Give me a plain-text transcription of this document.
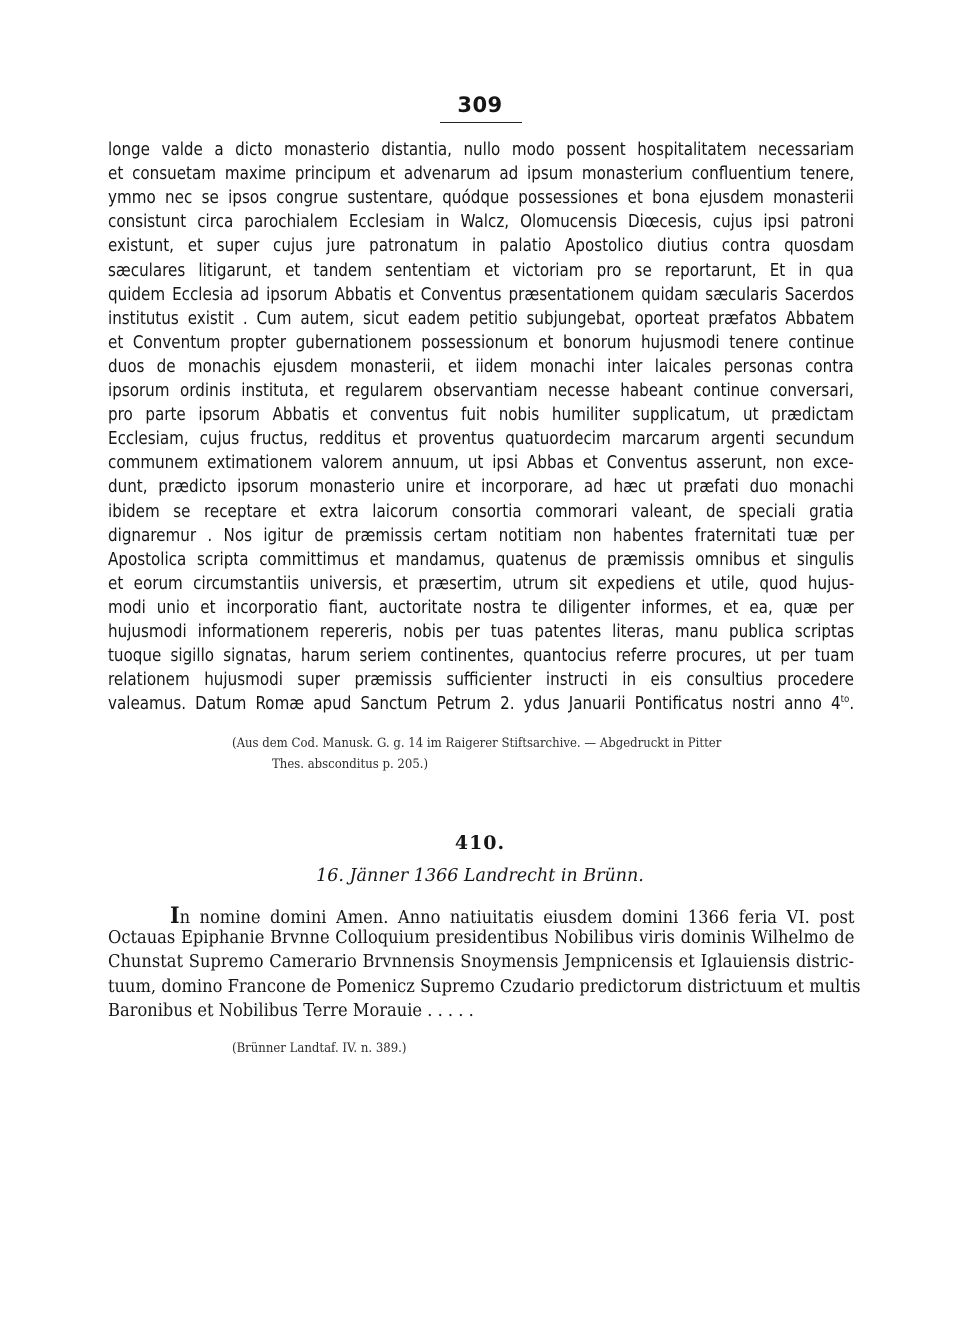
309
longe valde a dicto monasterio distantia, nullo modo possent hospitalitatem necessariam
et consuetam maxime principum et advenarum ad ipsum monasterium confluentium tenere,
ymmo nec se ipsos congrue sustentare, quódque possessiones et bona ejusdem monasterii
consistunt circa parochialem Ecclesiam in Walcz, Olomucensis Diœcesis, cujus ipsi patroni
existunt, et super cujus jure patronatum in palatio Apostolico diutius contra quosdam
sæculares litigarunt, et tandem sententiam et victoriam pro se reportarunt, Et in qua
quidem Ecclesia ad ipsorum Abbatis et Conventus præsentationem quidam sæcularis Sacerdos
institutus existit . Cum autem, sicut eadem petitio subjungebat, oporteat præfatos Abbatem
et Conventum propter gubernationem possessionum et bonorum hujusmodi tenere continue
duos de monachis ejusdem monasterii, et iidem monachi inter laicales personas contra
ipsorum ordinis instituta, et regularem observantiam necesse habeant continue conversari,
pro parte ipsorum Abbatis et conventus fuit nobis humiliter supplicatum, ut prædictam
Ecclesiam, cujus fructus, redditus et proventus quatuordecim marcarum argenti secundum
communem extimationem valorem annuum, ut ipsi Abbas et Conventus asserunt, non exce-
dunt, prædicto ipsorum monasterio unire et incorporare, ad hæc ut præfati duo monachi
ibidem se receptare et extra laicorum consortia commorari valeant, de speciali gratia
dignaremur . Nos igitur de præmissis certam notitiam non habentes fraternitati tuæ per
Apostolica scripta committimus et mandamus, quatenus de præmissis omnibus et singulis
et eorum circumstantiis universis, et præsertim, utrum sit expediens et utile, quod hujus-
modi unio et incorporatio fiant, auctoritate nostra te diligenter informes, et ea, quæ per
hujusmodi informationem repereris, nobis per tuas patentes literas, manu publica scriptas
tuoque sigillo signatas, harum seriem continentes, quantocius referre procures, ut per tuam
relationem hujusmodi super præmissis sufficienter instructi in eis consultius procedere
valeamus. Datum Romæ apud Sanctum Petrum 2. ydus Januarii Pontificatus nostri anno $4^{to}$.
(Aus dem Cod. Manusk. G. g. 14 im Raigerer Stiftsarchive. — Abgedruckt in Pitter
Thes. absconditus p. 205.)
410.
16. Jänner 1366 Landrecht in Brünn.
In nomine domini Amen. Anno natiuitatis eiusdem domini 1366 feria VI. post
Octauas Epiphanie Brvnne Colloquium presidentibus Nobilibus viris dominis Wilhelmo de
Chunstat Supremo Camerario Brvnnensis Snoymensis Jempnicensis et Iglauiensis distric-
tuum, domino Francone de Pomenicz Supremo Czudario predictorum districtuum et multis
Baronibus et Nobilibus Terre Morauie . . . . .
(Brünner Landtaf. IV. n. 389.)
